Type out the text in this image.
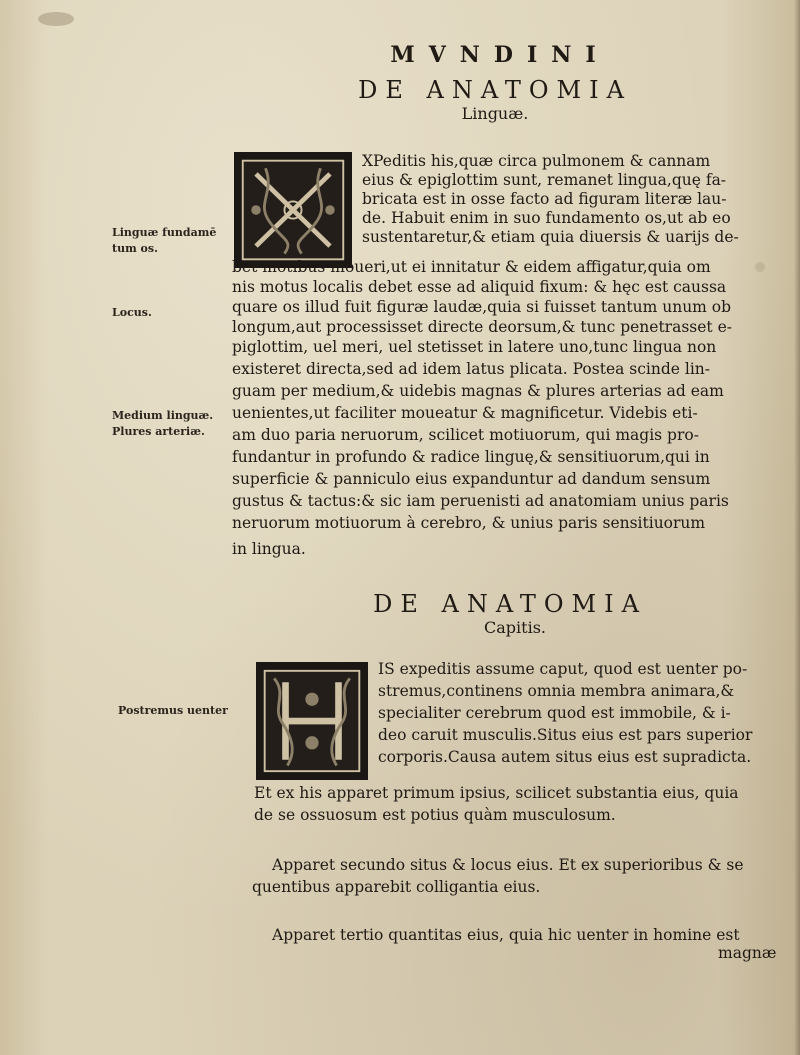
MVNDINI
DE ANATOMIA
Linguæ.
Linguæ fundamē
tum os.
Locus.
Medium linguæ.
Plures arteriæ.
XPeditis his,quæ circa pulmonem & cannam
eius & epiglottim sunt, remanet lingua,quę fa-
bricata est in osse facto ad figuram literæ lau-
de. Habuit enim in suo fundamento os,ut ab eo
sustentaretur,& etiam quia diuersis & uarijs de-
bet motibus moueri,ut ei innitatur & eidem affigatur,quia om
nis motus localis debet esse ad aliquid fixum: & hęc est caussa
quare os illud fuit figuræ laudæ,quia si fuisset tantum unum ob
longum,aut processisset directe deorsum,& tunc penetrasset e-
piglottim, uel meri, uel stetisset in latere uno,tunc lingua non
existeret directa,sed ad idem latus plicata. Postea scinde lin-
guam per medium,& uidebis magnas & plures arterias ad eam
uenientes,ut faciliter moueatur & magnificetur. Videbis eti-
am duo paria neruorum, scilicet motiuorum, qui magis pro-
fundantur in profundo & radice linguę,& sensitiuorum,qui in
superficie & panniculo eius expanduntur ad dandum sensum
gustus & tactus:& sic iam peruenisti ad anatomiam unius paris
neruorum motiuorum à cerebro, & unius paris sensitiuorum
in lingua.
DE ANATOMIA
Capitis.
Postremus uenter
IS expeditis assume caput, quod est uenter po-
stremus,continens omnia membra animara,&
specialiter cerebrum quod est immobile, & i-
deo caruit musculis.Situs eius est pars superior
corporis.Causa autem situs eius est supradicta.
Et ex his apparet primum ipsius, scilicet substantia eius, quia
de se ossuosum est potius quàm musculosum.
Apparet secundo situs & locus eius. Et ex superioribus & se
quentibus apparebit colligantia eius.
Apparet tertio quantitas eius, quia hic uenter in homine est
magnæ
